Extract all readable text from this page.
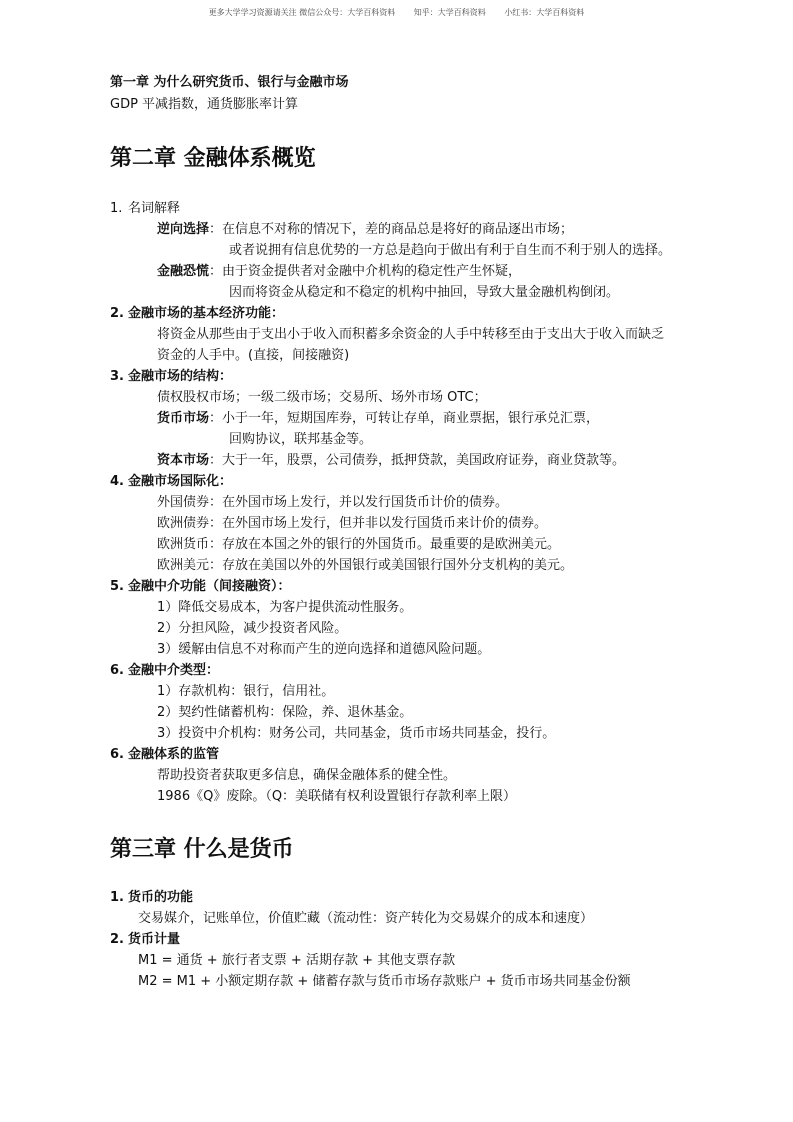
更多大学学习资源请关注 微信公众号：大学百科资料 知乎：大学百科资料 小红书：大学百科资料
第一章 为什么研究货币、银行与金融市场
GDP 平减指数，通货膨胀率计算
第二章 金融体系概览
1. 名词解释
逆向选择：在信息不对称的情况下，差的商品总是将好的商品逐出市场；
或者说拥有信息优势的一方总是趋向于做出有利于自生而不利于别人的选择。
金融恐慌：由于资金提供者对金融中介机构的稳定性产生怀疑，
因而将资金从稳定和不稳定的机构中抽回，导致大量金融机构倒闭。
2. 金融市场的基本经济功能：
将资金从那些由于支出小于收入而积蓄多余资金的人手中转移至由于支出大于收入而缺乏
资金的人手中。(直接，间接融资)
3. 金融市场的结构：
债权股权市场；一级二级市场；交易所、场外市场 OTC；
货币市场：小于一年，短期国库券，可转让存单，商业票据，银行承兑汇票，
回购协议，联邦基金等。
资本市场：大于一年，股票，公司债券，抵押贷款，美国政府证券，商业贷款等。
4. 金融市场国际化：
外国债券：在外国市场上发行，并以发行国货币计价的债券。
欧洲债券：在外国市场上发行，但并非以发行国货币来计价的债券。
欧洲货币：存放在本国之外的银行的外国货币。最重要的是欧洲美元。
欧洲美元：存放在美国以外的外国银行或美国银行国外分支机构的美元。
5. 金融中介功能（间接融资）：
1）降低交易成本，为客户提供流动性服务。
2）分担风险，减少投资者风险。
3）缓解由信息不对称而产生的逆向选择和道德风险问题。
6. 金融中介类型：
1）存款机构：银行，信用社。
2）契约性储蓄机构：保险，养、退休基金。
3）投资中介机构：财务公司，共同基金，货币市场共同基金，投行。
6. 金融体系的监管
帮助投资者获取更多信息，确保金融体系的健全性。
1986《Q》废除。（Q：美联储有权利设置银行存款利率上限）
第三章 什么是货币
1. 货币的功能
交易媒介，记账单位，价值贮藏（流动性：资产转化为交易媒介的成本和速度）
2. 货币计量
M1 = 通货 + 旅行者支票 + 活期存款 + 其他支票存款
M2 = M1 + 小额定期存款 + 储蓄存款与货币市场存款账户 + 货币市场共同基金份额
